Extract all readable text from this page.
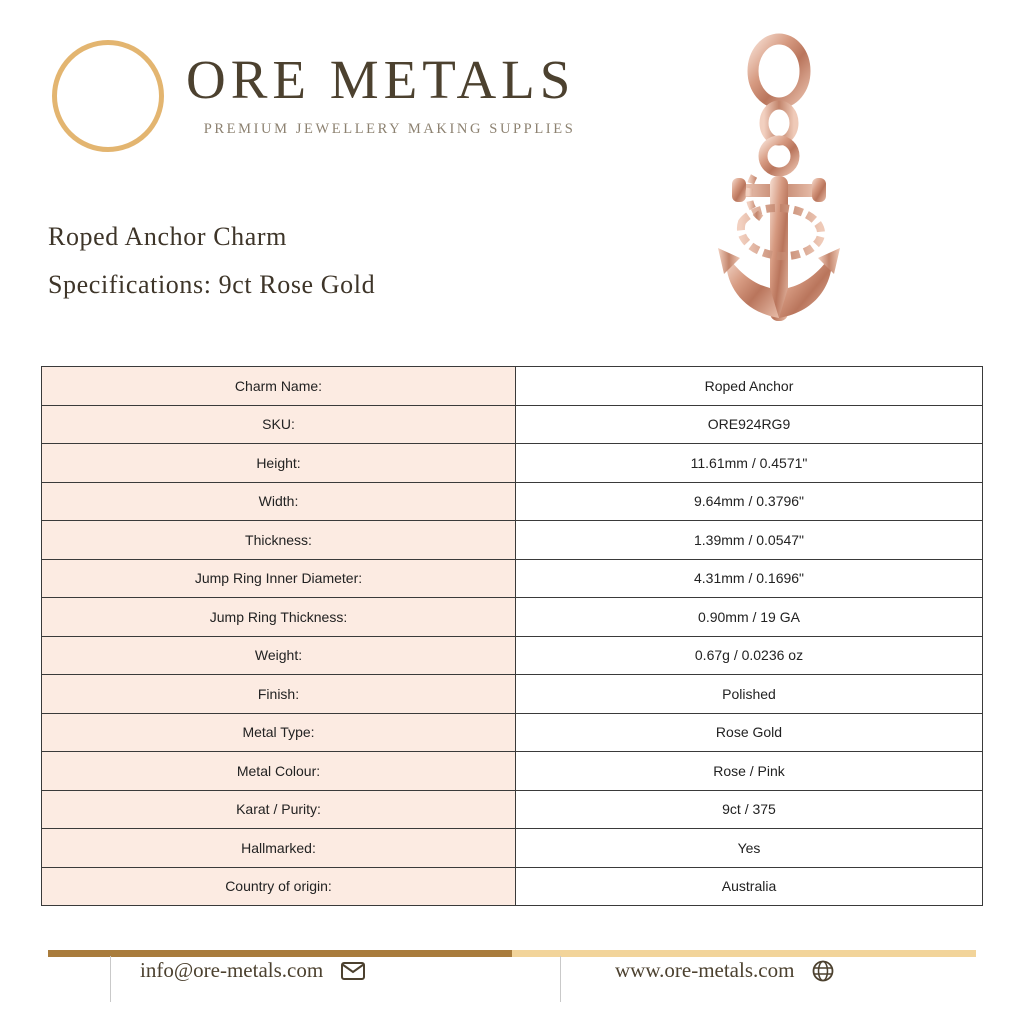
ORE METALS
PREMIUM JEWELLERY MAKING SUPPLIES
Roped Anchor Charm
Specifications: 9ct Rose Gold
Charm Name:	Roped Anchor
SKU:	ORE924RG9
Height:	11.61mm / 0.4571"
Width:	9.64mm / 0.3796"
Thickness:	1.39mm / 0.0547"
Jump Ring Inner Diameter:	4.31mm / 0.1696"
Jump Ring Thickness:	0.90mm / 19 GA
Weight:	0.67g / 0.0236 oz
Finish:	Polished
Metal Type:	Rose Gold
Metal Colour:	Rose / Pink
Karat / Purity:	9ct / 375
Hallmarked:	Yes
Country of origin:	Australia
info@ore-metals.com	www.ore-metals.com
